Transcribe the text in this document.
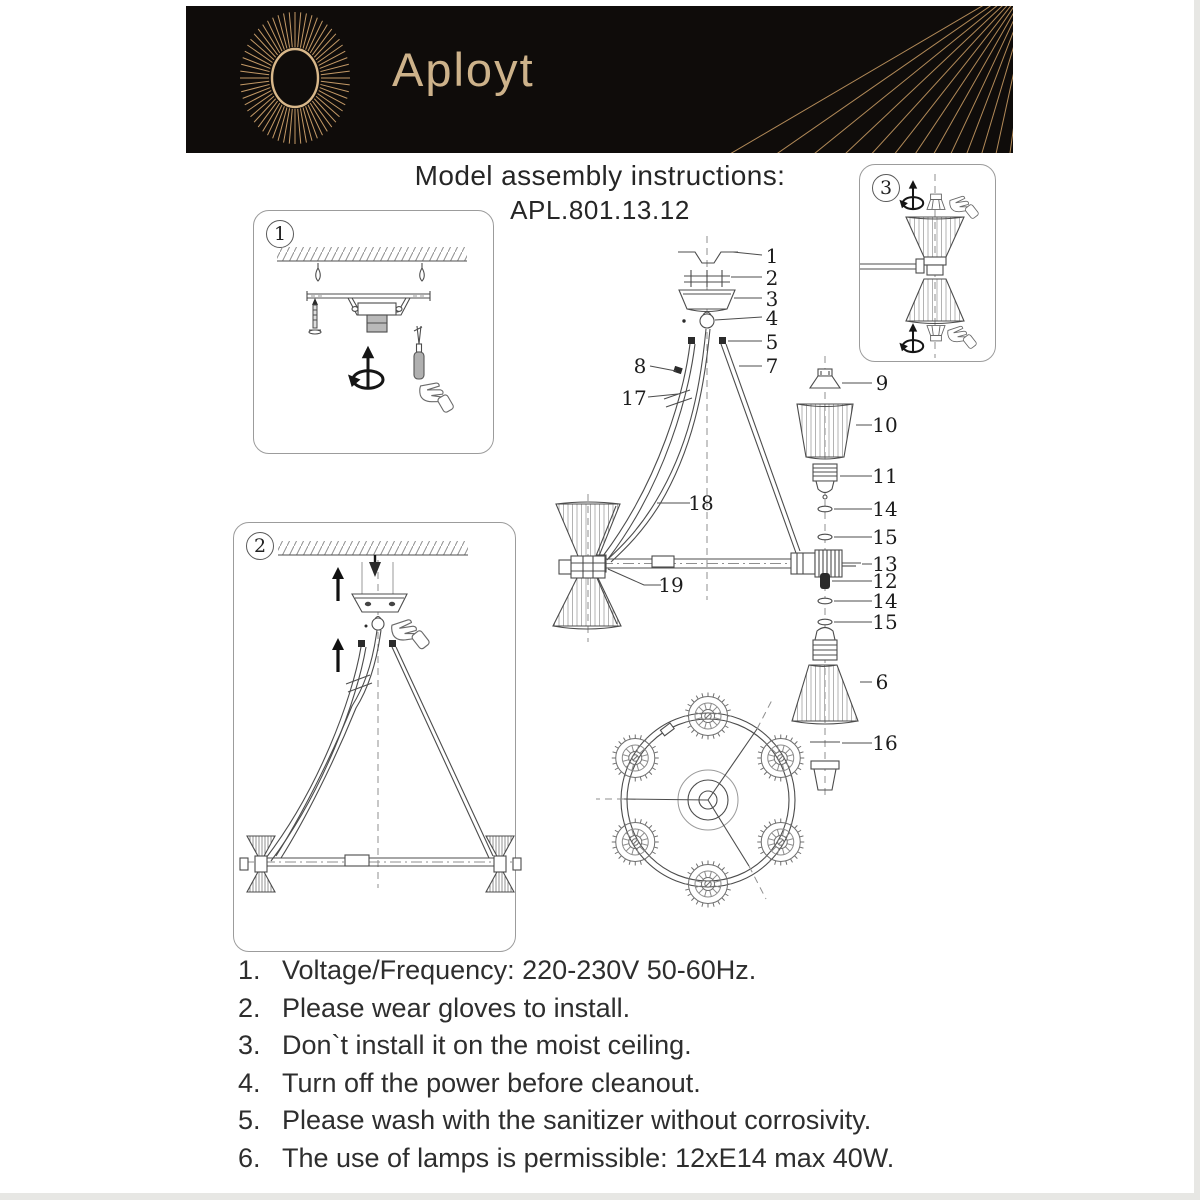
Aployt
Model assembly instructions:
APL.801.13.12
1
2
3
1
2
3
4
5
7
8
17
18
19
9
10
11
14
15
13
12
14
15
6
16
1. Voltage/Frequency: 220-230V 50-60Hz.
2. Please wear gloves to install.
3. Don`t install it on the moist ceiling.
4. Turn off the power before cleanout.
5. Please wash with the sanitizer without corrosivity.
6. The use of lamps is permissible: 12xE14 max 40W.
